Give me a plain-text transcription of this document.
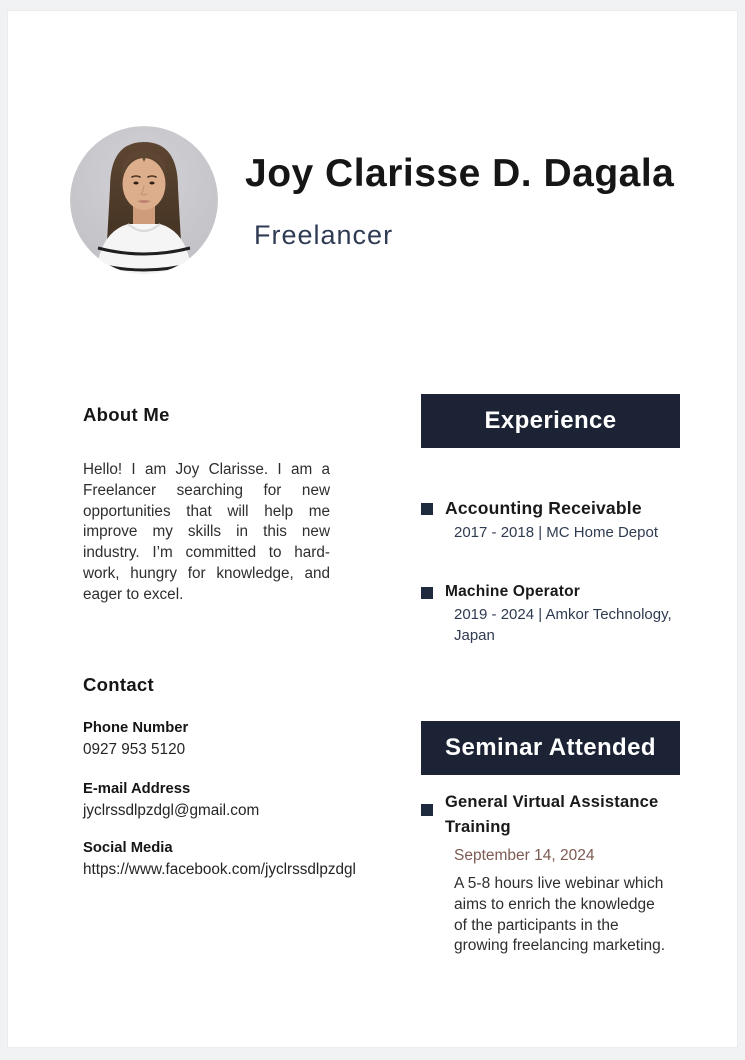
Joy Clarisse D. Dagala
Freelancer
About Me

Hello! I am Joy Clarisse. I am a Freelancer searching for new opportunities that will help me improve my skills in this new industry. I’m committed to hard-work, hungry for knowledge, and eager to excel.

Contact
Phone Number
0927 953 5120
E-mail Address
jyclrssdlpzdgl@gmail.com
Social Media
https://www.facebook.com/jyclrssdlpzdgl
Experience
Accounting Receivable
2017 - 2018 | MC Home Depot
Machine Operator
2019 - 2024 | Amkor Technology, Japan
Seminar Attended
General Virtual Assistance Training
September 14, 2024
A 5-8 hours live webinar which aims to enrich the knowledge of the participants in the growing freelancing marketing.
